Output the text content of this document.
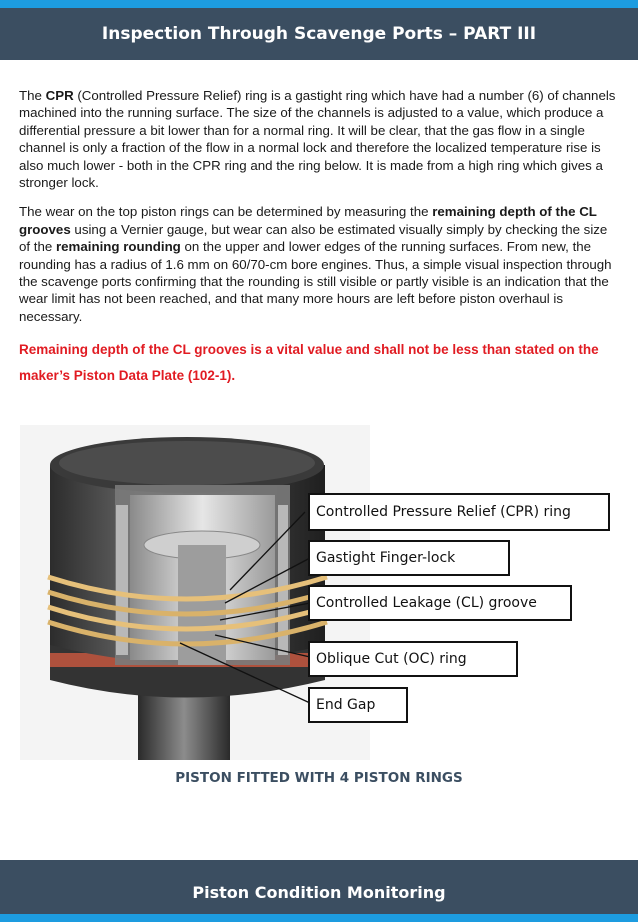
Inspection Through Scavenge Ports – PART III

The CPR (Controlled Pressure Relief) ring is a gastight ring which have had a number (6) of channels machined into the running surface. The size of the channels is adjusted to a value, which produce a differential pressure a bit lower than for a normal ring. It will be clear, that the gas flow in a single channel is only a fraction of the flow in a normal lock and therefore the localized temperature rise is also much lower - both in the CPR ring and the ring below. It is made from a high ring which gives a stronger lock.

The wear on the top piston rings can be determined by measuring the remaining depth of the CL grooves using a Vernier gauge, but wear can also be estimated visually simply by checking the size of the remaining rounding on the upper and lower edges of the running surfaces. From new, the rounding has a radius of 1.6 mm on 60/70-cm bore engines. Thus, a simple visual inspection through the scavenge ports confirming that the rounding is still visible or partly visible is an indication that the wear limit has not been reached, and that many more hours are left before piston overhaul is necessary.

Remaining depth of the CL grooves is a vital value and shall not be less than stated on the maker’s Piston Data Plate (102-1).

Controlled Pressure Relief (CPR) ring
Gastight Finger-lock
Controlled Leakage (CL) groove
Oblique Cut (OC) ring
End Gap
PISTON FITTED WITH 4 PISTON RINGS
Piston Condition Monitoring
